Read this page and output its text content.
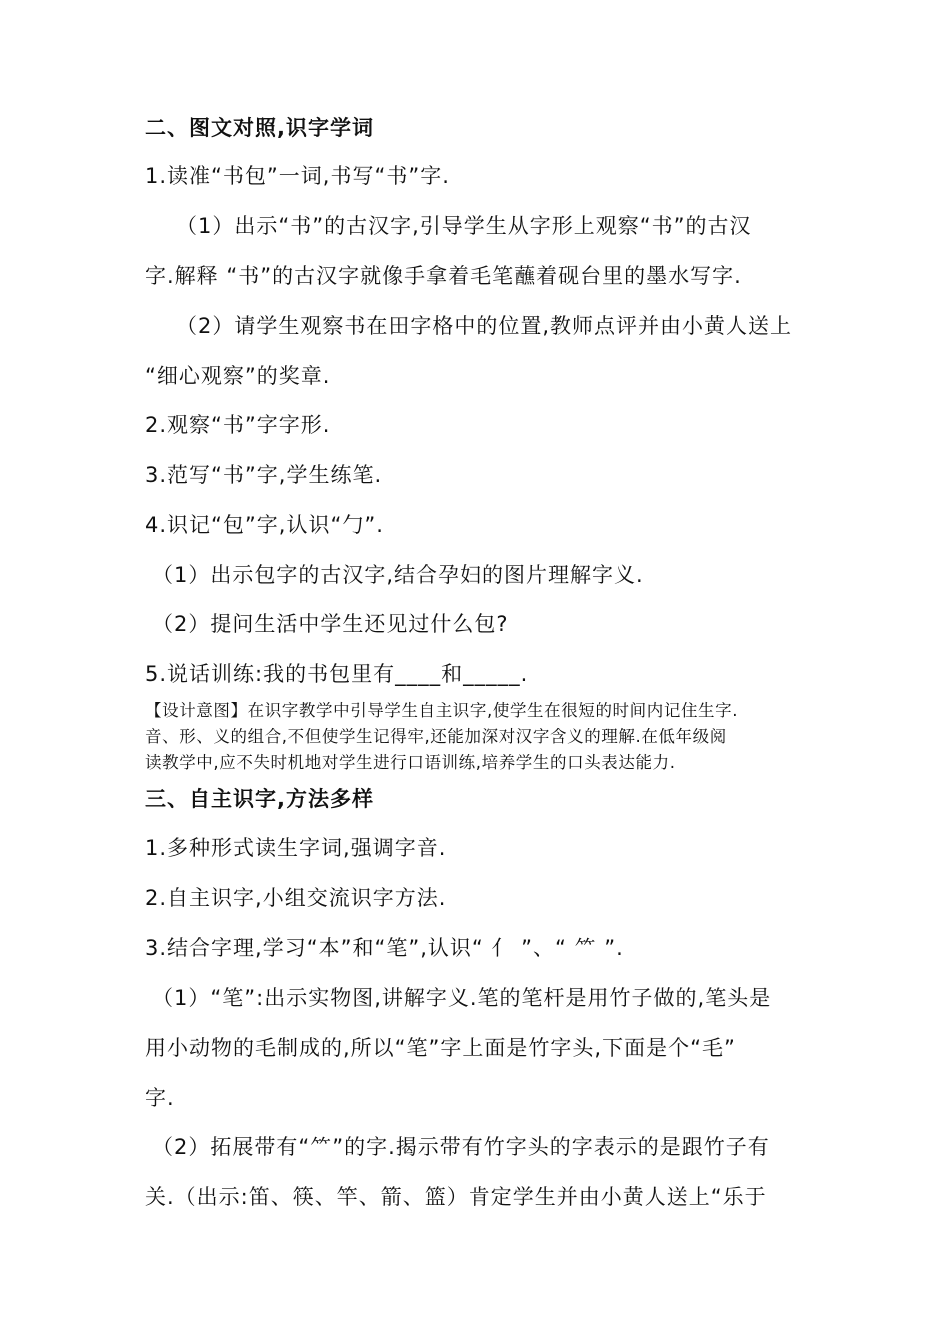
二、图文对照,识字学词
1.读准“书包”一词,书写“书”字.
（1）出示“书”的古汉字,引导学生从字形上观察“书”的古汉
字.解释 “书”的古汉字就像手拿着毛笔蘸着砚台里的墨水写字.
（2）请学生观察书在田字格中的位置,教师点评并由小黄人送上
“细心观察”的奖章.
2.观察“书”字字形.
3.范写“书”字,学生练笔.
4.识记“包”字,认识“勹”.
（1）出示包字的古汉字,结合孕妇的图片理解字义.
（2）提问生活中学生还见过什么包?
5.说话训练:我的书包里有____和_____.
【设计意图】在识字教学中引导学生自主识字,使学生在很短的时间内记住生字.
音、形、义的组合,不但使学生记得牢,还能加深对汉字含义的理解.在低年级阅
读教学中,应不失时机地对学生进行口语训练,培养学生的口头表达能力.
三、自主识字,方法多样
1.多种形式读生字词,强调字音.
2.自主识字,小组交流识字方法.
3.结合字理,学习“本”和“笔”,认识“ 亻 ”、“ ⺮ ”.
（1）“笔”:出示实物图,讲解字义.笔的笔杆是用竹子做的,笔头是
用小动物的毛制成的,所以“笔”字上面是竹字头,下面是个“毛”
字.
（2）拓展带有“⺮”的字.揭示带有竹字头的字表示的是跟竹子有
关.（出示:笛、筷、竿、箭、篮）肯定学生并由小黄人送上“乐于
